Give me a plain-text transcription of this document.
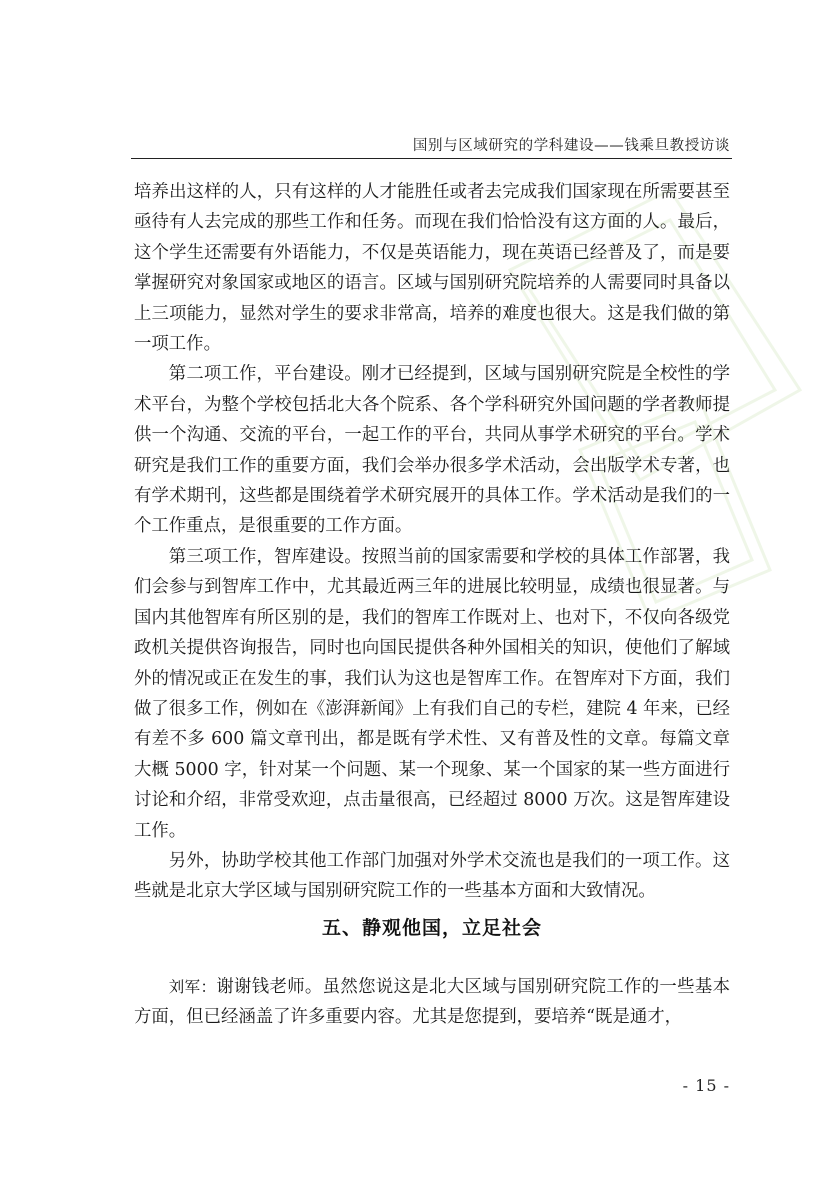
国别与区域研究的学科建设——钱乘旦教授访谈

培养出这样的人，只有这样的人才能胜任或者去完成我们国家现在所需要甚至亟待有人去完成的那些工作和任务。而现在我们恰恰没有这方面的人。最后，这个学生还需要有外语能力，不仅是英语能力，现在英语已经普及了，而是要掌握研究对象国家或地区的语言。区域与国别研究院培养的人需要同时具备以上三项能力，显然对学生的要求非常高，培养的难度也很大。这是我们做的第一项工作。

第二项工作，平台建设。刚才已经提到，区域与国别研究院是全校性的学术平台，为整个学校包括北大各个院系、各个学科研究外国问题的学者教师提供一个沟通、交流的平台，一起工作的平台，共同从事学术研究的平台。学术研究是我们工作的重要方面，我们会举办很多学术活动，会出版学术专著，也有学术期刊，这些都是围绕着学术研究展开的具体工作。学术活动是我们的一个工作重点，是很重要的工作方面。

第三项工作，智库建设。按照当前的国家需要和学校的具体工作部署，我们会参与到智库工作中，尤其最近两三年的进展比较明显，成绩也很显著。与国内其他智库有所区别的是，我们的智库工作既对上、也对下，不仅向各级党政机关提供咨询报告，同时也向国民提供各种外国相关的知识，使他们了解域外的情况或正在发生的事，我们认为这也是智库工作。在智库对下方面，我们做了很多工作，例如在《澎湃新闻》上有我们自己的专栏，建院 4 年来，已经有差不多 600 篇文章刊出，都是既有学术性、又有普及性的文章。每篇文章大概 5000 字，针对某一个问题、某一个现象、某一个国家的某一些方面进行讨论和介绍，非常受欢迎，点击量很高，已经超过 8000 万次。这是智库建设工作。

另外，协助学校其他工作部门加强对外学术交流也是我们的一项工作。这些就是北京大学区域与国别研究院工作的一些基本方面和大致情况。

五、静观他国，立足社会

刘军：谢谢钱老师。虽然您说这是北大区域与国别研究院工作的一些基本方面，但已经涵盖了许多重要内容。尤其是您提到，要培养“既是通才，

- 15 -
